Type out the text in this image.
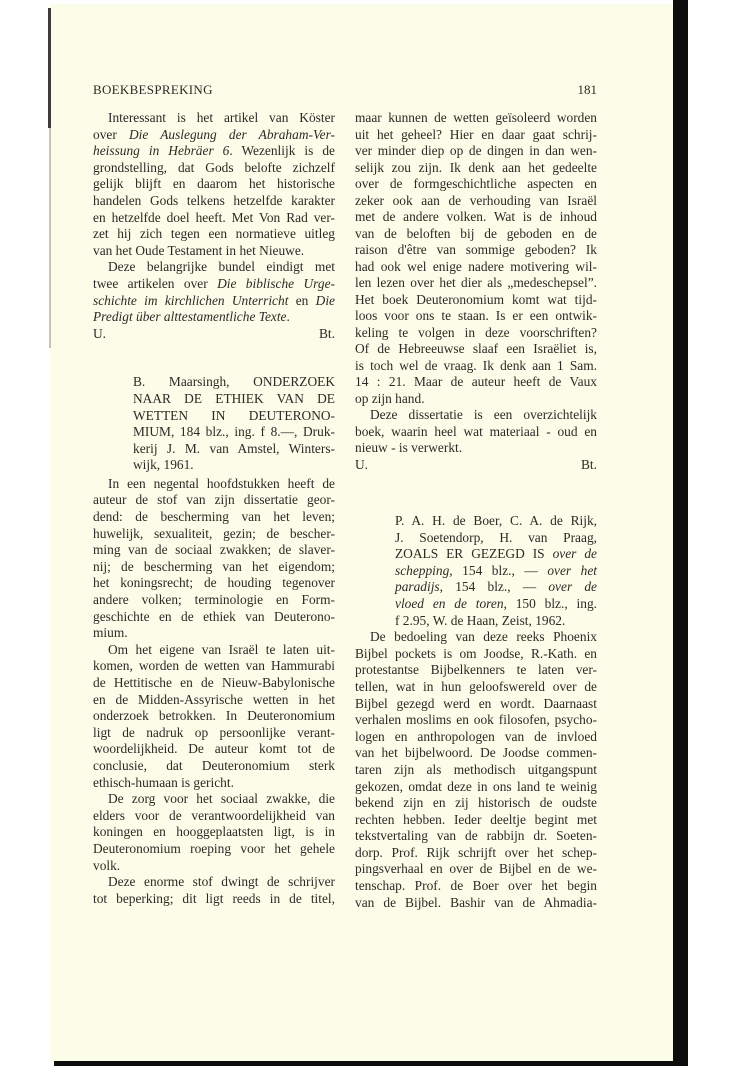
BOEKBESPREKING	181
Interessant is het artikel van Köster
over Die Auslegung der Abraham-Ver-
heissung in Hebräer 6. Wezenlijk is de
grondstelling, dat Gods belofte zichzelf
gelijk blijft en daarom het historische
handelen Gods telkens hetzelfde karakter
en hetzelfde doel heeft. Met Von Rad ver-
zet hij zich tegen een normatieve uitleg
van het Oude Testament in het Nieuwe.
Deze belangrijke bundel eindigt met
twee artikelen over Die biblische Urge-
schichte im kirchlichen Unterricht en Die
Predigt über alttestamentliche Texte.
U.	Bt.
B. Maarsingh, ONDERZOEK
NAAR DE ETHIEK VAN DE
WETTEN IN DEUTERONO-
MIUM, 184 blz., ing. f 8.—, Druk-
kerij J. M. van Amstel, Winters-
wijk, 1961.
In een negental hoofdstukken heeft de
auteur de stof van zijn dissertatie geor-
dend: de bescherming van het leven;
huwelijk, sexualiteit, gezin; de bescher-
ming van de sociaal zwakken; de slaver-
nij; de bescherming van het eigendom;
het koningsrecht; de houding tegenover
andere volken; terminologie en Form-
geschichte en de ethiek van Deuterono-
mium.
Om het eigene van Israël te laten uit-
komen, worden de wetten van Hammurabi
de Hettitische en de Nieuw-Babylonische
en de Midden-Assyrische wetten in het
onderzoek betrokken. In Deuteronomium
ligt de nadruk op persoonlijke verant-
woordelijkheid. De auteur komt tot de
conclusie, dat Deuteronomium sterk
ethisch-humaan is gericht.
De zorg voor het sociaal zwakke, die
elders voor de verantwoordelijkheid van
koningen en hooggeplaatsten ligt, is in
Deuteronomium roeping voor het gehele
volk.
Deze enorme stof dwingt de schrijver
tot beperking; dit ligt reeds in de titel,
maar kunnen de wetten geïsoleerd worden
uit het geheel? Hier en daar gaat schrij-
ver minder diep op de dingen in dan wen-
selijk zou zijn. Ik denk aan het gedeelte
over de formgeschichtliche aspecten en
zeker ook aan de verhouding van Israël
met de andere volken. Wat is de inhoud
van de beloften bij de geboden en de
raison d'être van sommige geboden? Ik
had ook wel enige nadere motivering wil-
len lezen over het dier als „medeschepsel”.
Het boek Deuteronomium komt wat tijd-
loos voor ons te staan. Is er een ontwik-
keling te volgen in deze voorschriften?
Of de Hebreeuwse slaaf een Israëliet is,
is toch wel de vraag. Ik denk aan 1 Sam.
14 : 21. Maar de auteur heeft de Vaux
op zijn hand.
Deze dissertatie is een overzichtelijk
boek, waarin heel wat materiaal - oud en
nieuw - is verwerkt.
U.	Bt.
P. A. H. de Boer, C. A. de Rijk,
J. Soetendorp, H. van Praag,
ZOALS ER GEZEGD IS over de
schepping, 154 blz., — over het
paradijs, 154 blz., — over de
vloed en de toren, 150 blz., ing.
f 2.95, W. de Haan, Zeist, 1962.
De bedoeling van deze reeks Phoenix
Bijbel pockets is om Joodse, R.-Kath. en
protestantse Bijbelkenners te laten ver-
tellen, wat in hun geloofswereld over de
Bijbel gezegd werd en wordt. Daarnaast
verhalen moslims en ook filosofen, psycho-
logen en anthropologen van de invloed
van het bijbelwoord. De Joodse commen-
taren zijn als methodisch uitgangspunt
gekozen, omdat deze in ons land te weinig
bekend zijn en zij historisch de oudste
rechten hebben. Ieder deeltje begint met
tekstvertaling van de rabbijn dr. Soeten-
dorp. Prof. Rijk schrijft over het schep-
pingsverhaal en over de Bijbel en de we-
tenschap. Prof. de Boer over het begin
van de Bijbel. Bashir van de Ahmadia-
